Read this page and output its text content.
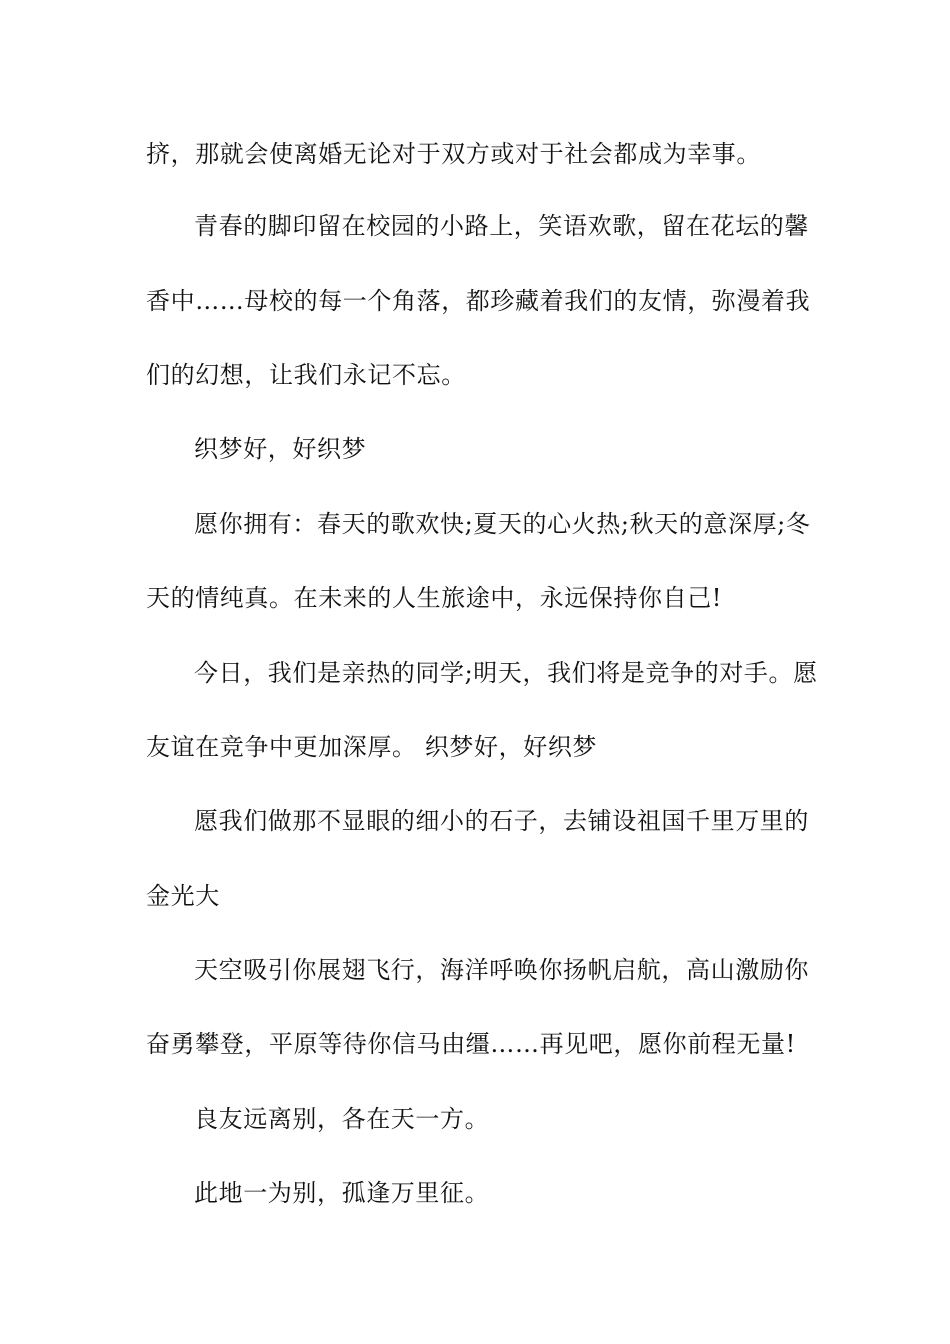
挤，那就会使离婚无论对于双方或对于社会都成为幸事。
青春的脚印留在校园的小路上，笑语欢歌，留在花坛的馨
香中……母校的每一个角落，都珍藏着我们的友情，弥漫着我
们的幻想，让我们永记不忘。
织梦好，好织梦
愿你拥有：春天的歌欢快;夏天的心火热;秋天的意深厚;冬
天的情纯真。在未来的人生旅途中，永远保持你自己!
今日，我们是亲热的同学;明天，我们将是竞争的对手。愿
友谊在竞争中更加深厚。 织梦好，好织梦
愿我们做那不显眼的细小的石子，去铺设祖国千里万里的
金光大
天空吸引你展翅飞行，海洋呼唤你扬帆启航，高山激励你
奋勇攀登，平原等待你信马由缰……再见吧，愿你前程无量!
良友远离别，各在天一方。
此地一为别，孤逢万里征。
